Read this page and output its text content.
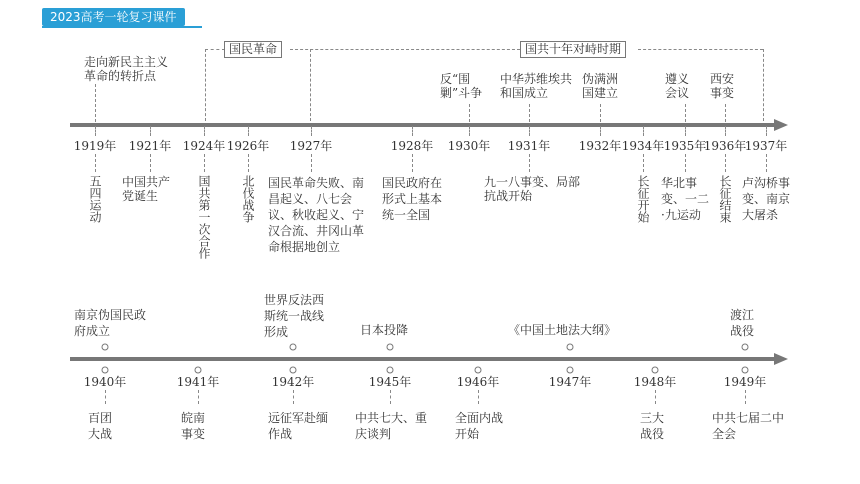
2023高考一轮复习课件
国民革命	国共十年对峙时期
1919年 1921年 1924年 1926年 1927年	1928年 1930年 1931年 1932年 1934年 1935年
1936年
1937年
走向新民主主义革命的转折点	反“围剿”斗争
中华苏维埃共和国成立
伪满洲国建立
遵义会议
西安事变
五四运动 中国共产党诞生	国共第一次合作	北伐战争 国民革命失败、南昌起义、八七会议、秋收起义、宁汉合流、井冈山革命根据地创立
国民政府在形式上基本统一全国
九一八事变、局部抗战开始	长征开始 华北事变、一二·九运动	长征结束 卢沟桥事变、南京大屠杀
1940年	1941年	1942年	1945年	1946年	1947年	1948年	1949年
南京伪国民政府成立
世界反法西斯统一战线形成	日本投降	《中国土地法大纲》
渡江战役
百团大战
皖南事变
远征军赴缅作战
中共七大、重庆谈判
全面内战开始
三大战役
中共七届二中全会
